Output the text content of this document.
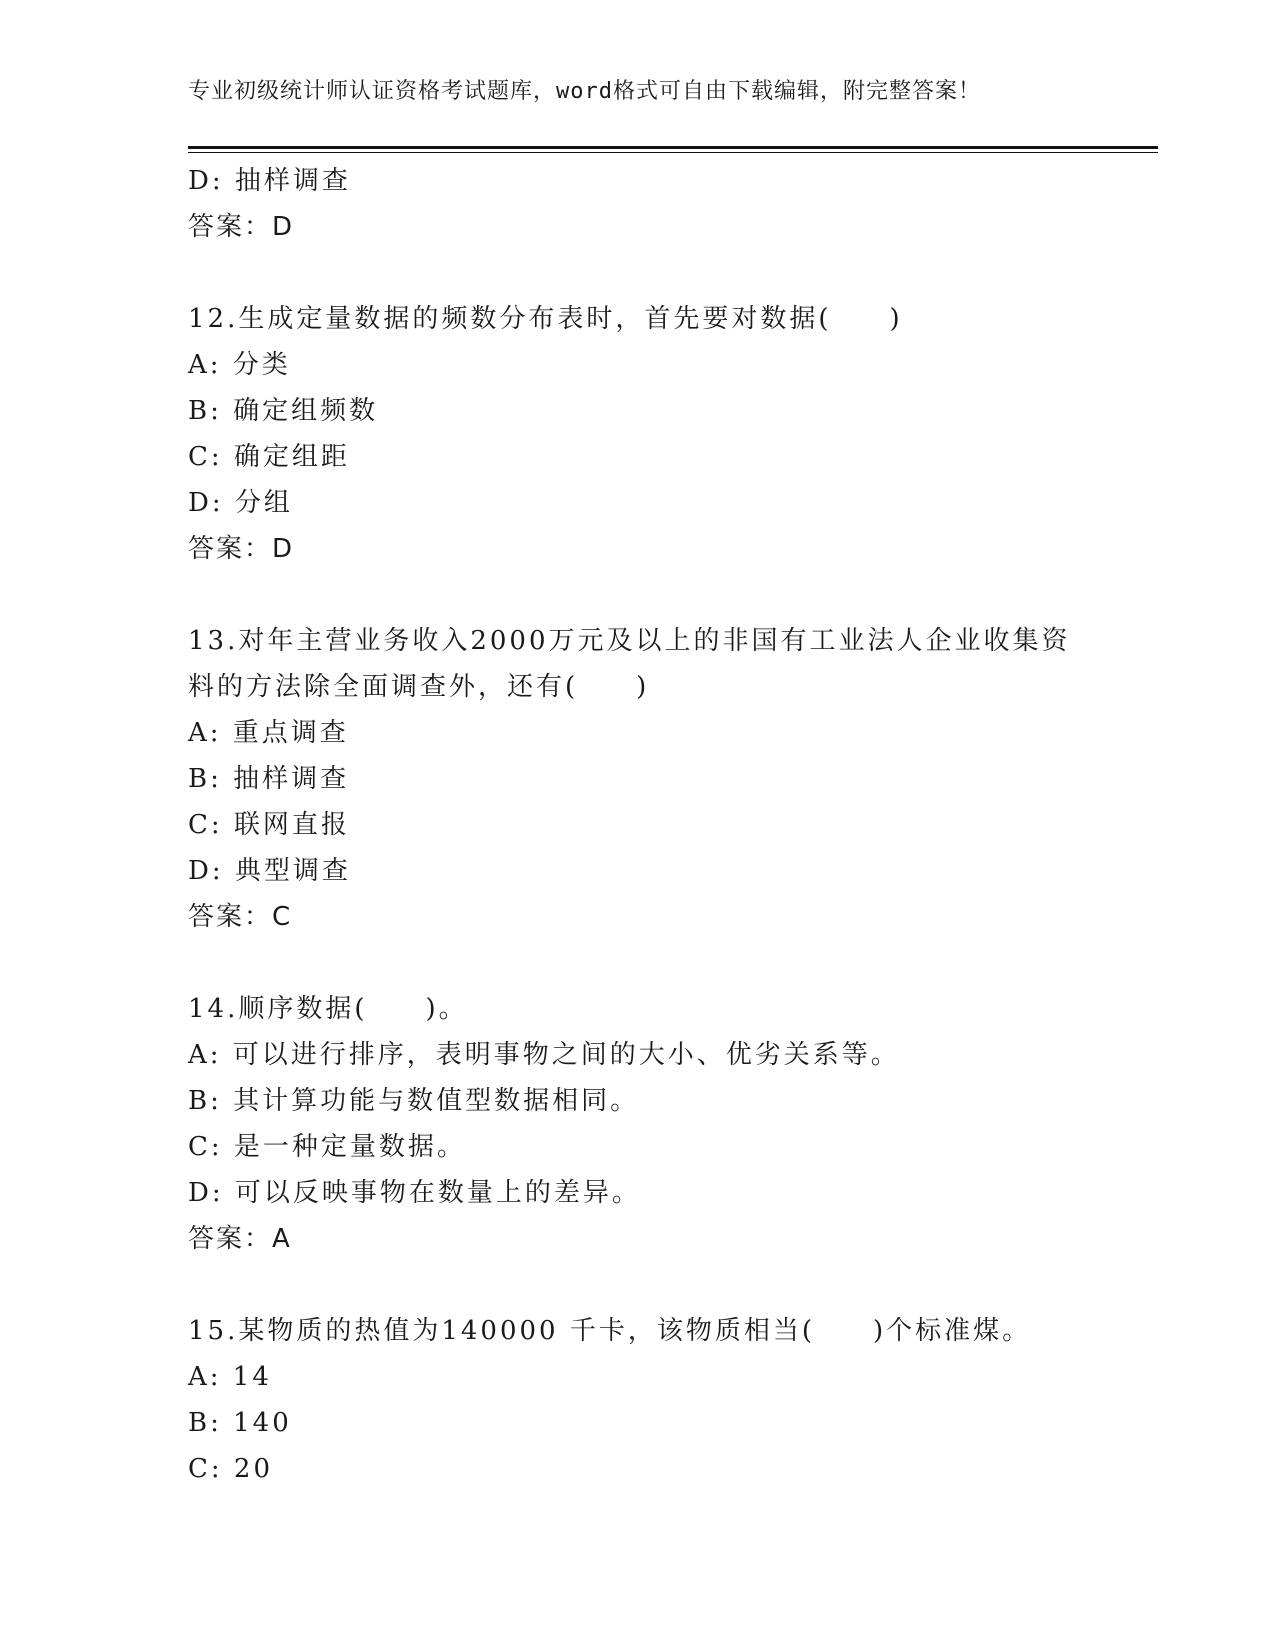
专业初级统计师认证资格考试题库，word格式可自由下载编辑，附完整答案！
D: 抽样调查
答案：D
12.生成定量数据的频数分布表时，首先要对数据(　　)
A: 分类
B: 确定组频数
C: 确定组距
D: 分组
答案：D
13.对年主营业务收入2000万元及以上的非国有工业法人企业收集资
料的方法除全面调查外，还有(　　)
A: 重点调查
B: 抽样调查
C: 联网直报
D: 典型调查
答案：C
14.顺序数据(　　)。
A: 可以进行排序，表明事物之间的大小、优劣关系等。
B: 其计算功能与数值型数据相同。
C: 是一种定量数据。
D: 可以反映事物在数量上的差异。
答案：A
15.某物质的热值为140000 千卡，该物质相当(　　)个标准煤。
A: 14
B: 140
C: 20
